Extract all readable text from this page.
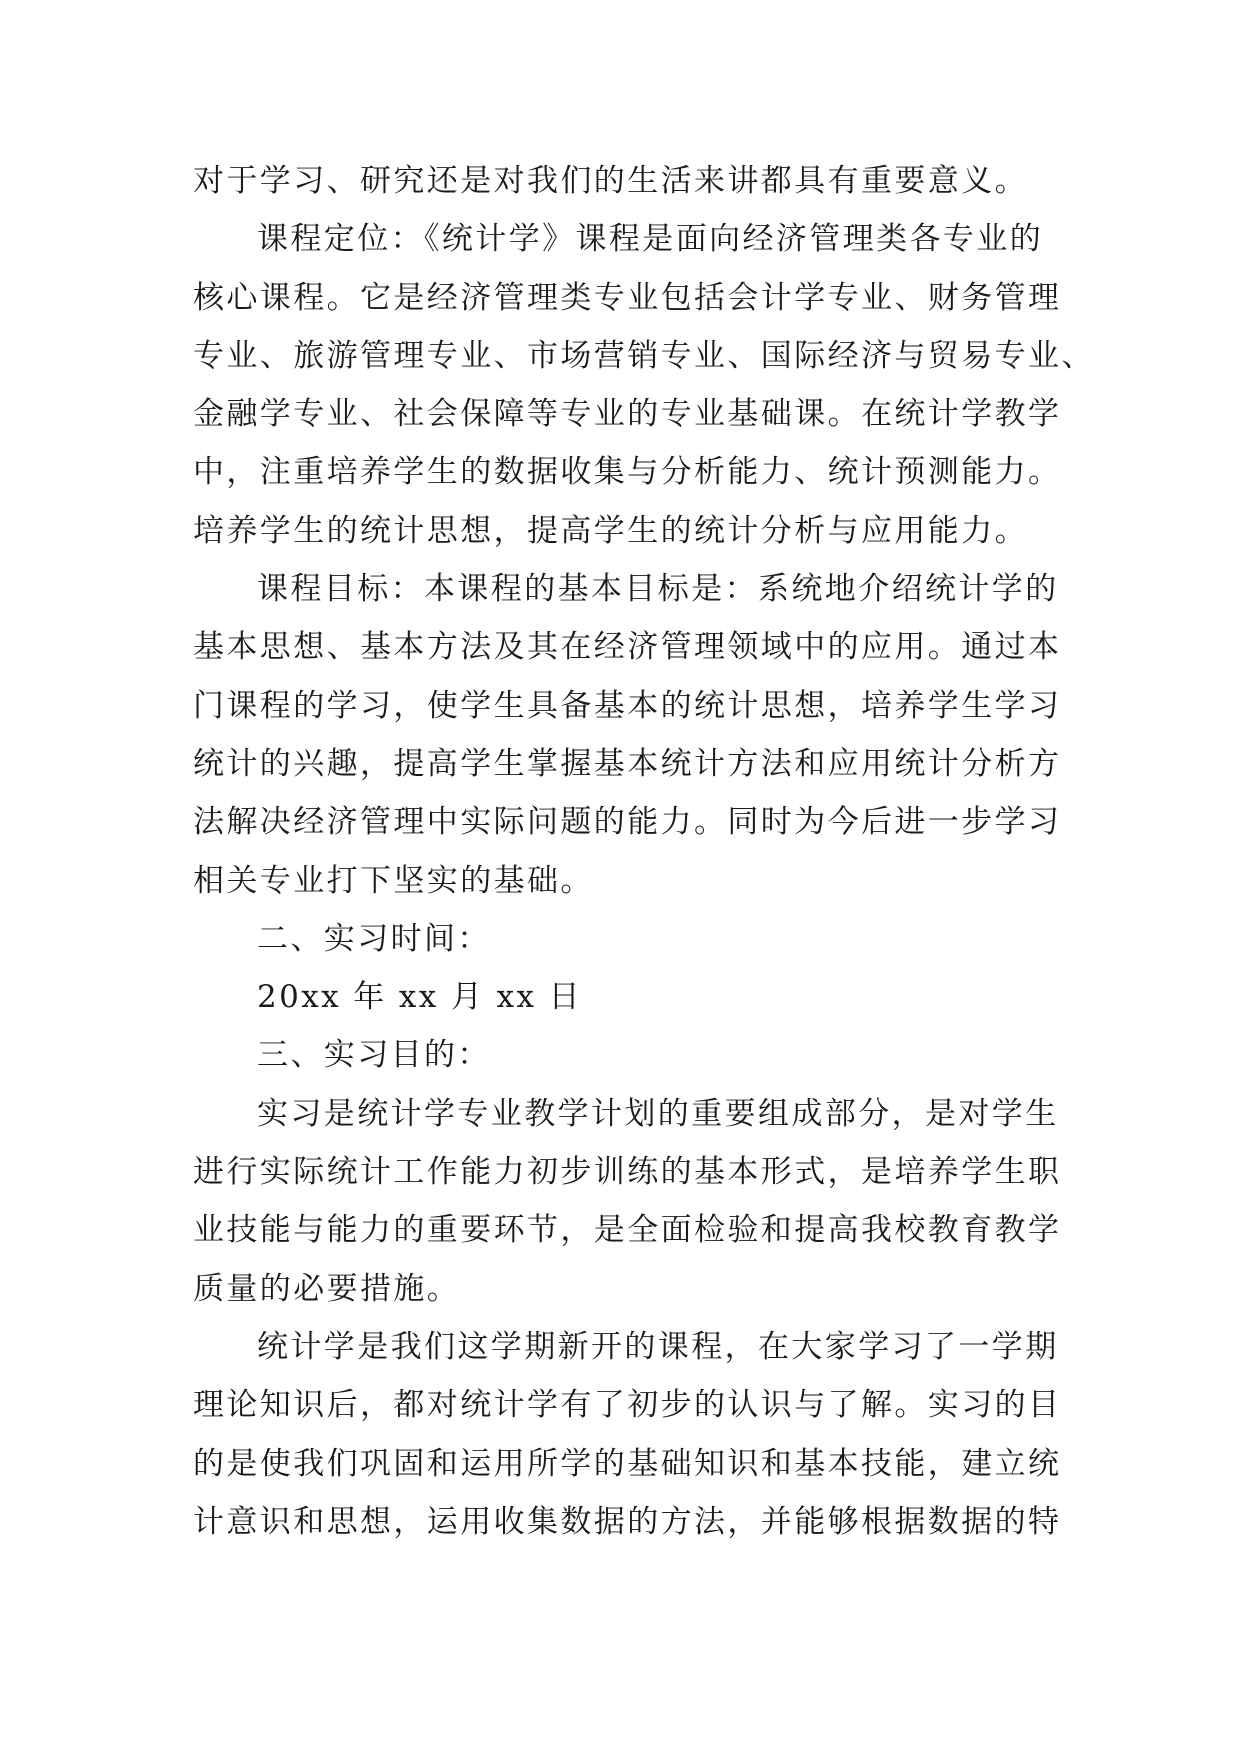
对于学习、研究还是对我们的生活来讲都具有重要意义。
课程定位：《统计学》课程是面向经济管理类各专业的
核心课程。它是经济管理类专业包括会计学专业、财务管理
专业、旅游管理专业、市场营销专业、国际经济与贸易专业、
金融学专业、社会保障等专业的专业基础课。在统计学教学
中，注重培养学生的数据收集与分析能力、统计预测能力。
培养学生的统计思想，提高学生的统计分析与应用能力。
课程目标：本课程的基本目标是：系统地介绍统计学的
基本思想、基本方法及其在经济管理领域中的应用。通过本
门课程的学习，使学生具备基本的统计思想，培养学生学习
统计的兴趣，提高学生掌握基本统计方法和应用统计分析方
法解决经济管理中实际问题的能力。同时为今后进一步学习
相关专业打下坚实的基础。
二、实习时间：
20xx 年 xx 月 xx 日
三、实习目的：
实习是统计学专业教学计划的重要组成部分，是对学生
进行实际统计工作能力初步训练的基本形式，是培养学生职
业技能与能力的重要环节，是全面检验和提高我校教育教学
质量的必要措施。
统计学是我们这学期新开的课程，在大家学习了一学期
理论知识后，都对统计学有了初步的认识与了解。实习的目
的是使我们巩固和运用所学的基础知识和基本技能，建立统
计意识和思想，运用收集数据的方法，并能够根据数据的特
